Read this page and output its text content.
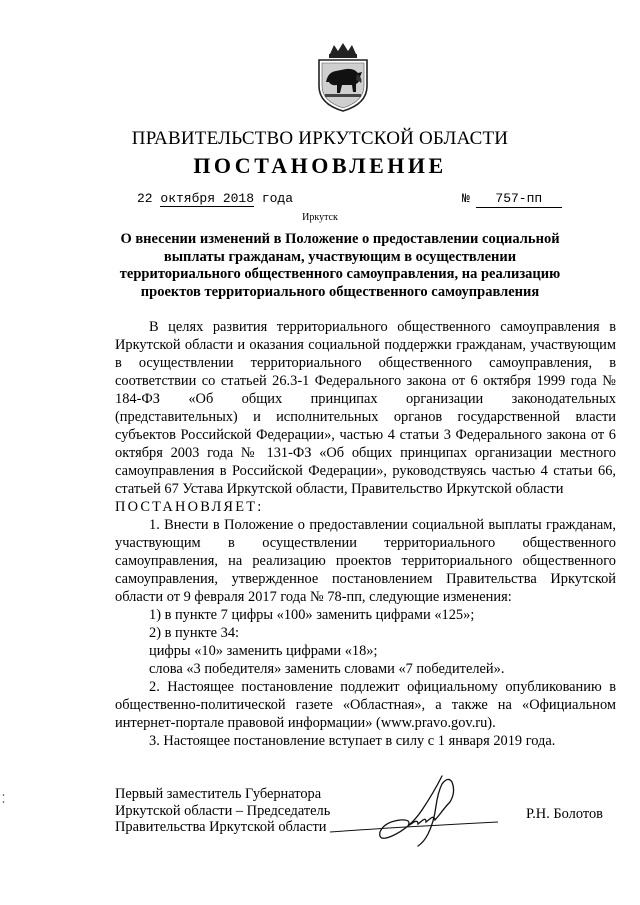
ПРАВИТЕЛЬСТВО ИРКУТСКОЙ ОБЛАСТИ
ПОСТАНОВЛЕНИЕ
22 октября 2018 года	№ 757-пп
Иркутск
О внесении изменений в Положение о предоставлении социальной выплаты гражданам, участвующим в осуществлении территориального общественного самоуправления, на реализацию проектов территориального общественного самоуправления

В целях развития территориального общественного самоуправления в Иркутской области и оказания социальной поддержки гражданам, участвующим в осуществлении территориального общественного самоуправления, в соответствии со статьей 26.3-1 Федерального закона от 6 октября 1999 года № 184-ФЗ «Об общих принципах организации законодательных (представительных) и исполнительных органов государственной власти субъектов Российской Федерации», частью 4 статьи 3 Федерального закона от 6 октября 2003 года № 131-ФЗ «Об общих принципах организации местного самоуправления в Российской Федерации», руководствуясь частью 4 статьи 66, статьей 67 Устава Иркутской области, Правительство Иркутской области

ПОСТАНОВЛЯЕТ:

1. Внести в Положение о предоставлении социальной выплаты гражданам, участвующим в осуществлении территориального общественного самоуправления, на реализацию проектов территориального общественного самоуправления, утвержденное постановлением Правительства Иркутской области от 9 февраля 2017 года № 78-пп, следующие изменения:

1) в пункте 7 цифры «100» заменить цифрами «125»;

2) в пункте 34:

цифры «10» заменить цифрами «18»;

слова «3 победителя» заменить словами «7 победителей».

2. Настоящее постановление подлежит официальному опубликованию в общественно-политической газете «Областная», а также на «Официальном интернет-портале правовой информации» (www.pravo.gov.ru).

3. Настоящее постановление вступает в силу с 1 января 2019 года.

Первый заместитель Губернатора
Иркутской области – Председатель
Правительства Иркутской области
Р.Н. Болотов
